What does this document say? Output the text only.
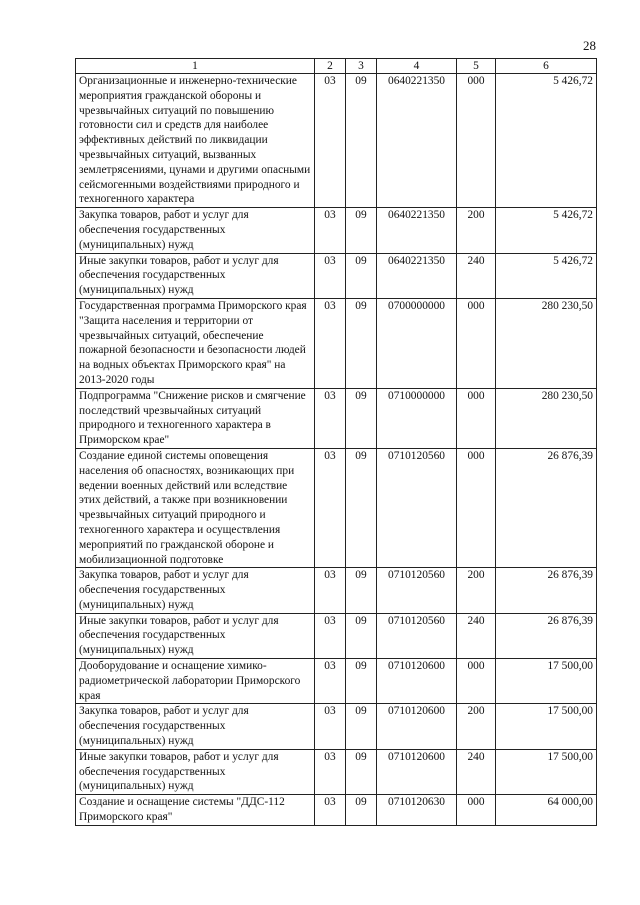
28
1	2	3	4	5	6
Организационные и инженерно-технические мероприятия гражданской обороны и чрезвычайных ситуаций по повышению готовности сил и средств для наиболее эффективных действий по ликвидации чрезвычайных ситуаций, вызванных землетрясениями, цунами и другими опасными сейсмогенными воздействиями природного и техногенного характера	03	09	0640221350	000	5 426,72
Закупка товаров, работ и услуг для обеспечения государственных (муниципальных) нужд	03	09	0640221350	200	5 426,72
Иные закупки товаров, работ и услуг для обеспечения государственных (муниципальных) нужд	03	09	0640221350	240	5 426,72
Государственная программа Приморского края "Защита населения и территории от чрезвычайных ситуаций, обеспечение пожарной безопасности и безопасности людей на водных объектах Приморского края" на 2013-2020 годы	03	09	0700000000	000	280 230,50
Подпрограмма "Снижение рисков и смягчение последствий чрезвычайных ситуаций природного и техногенного характера в Приморском крае"	03	09	0710000000	000	280 230,50
Создание единой системы оповещения населения об опасностях, возникающих при ведении военных действий или вследствие этих действий, а также при возникновении чрезвычайных ситуаций природного и техногенного характера и осуществления мероприятий по гражданской обороне и мобилизационной подготовке	03	09	0710120560	000	26 876,39
Закупка товаров, работ и услуг для обеспечения государственных (муниципальных) нужд	03	09	0710120560	200	26 876,39
Иные закупки товаров, работ и услуг для обеспечения государственных (муниципальных) нужд	03	09	0710120560	240	26 876,39
Дооборудование и оснащение химико-радиометрической лаборатории Приморского края	03	09	0710120600	000	17 500,00
Закупка товаров, работ и услуг для обеспечения государственных (муниципальных) нужд	03	09	0710120600	200	17 500,00
Иные закупки товаров, работ и услуг для обеспечения государственных (муниципальных) нужд	03	09	0710120600	240	17 500,00
Создание и оснащение системы "ДДС-112 Приморского края"	03	09	0710120630	000	64 000,00
